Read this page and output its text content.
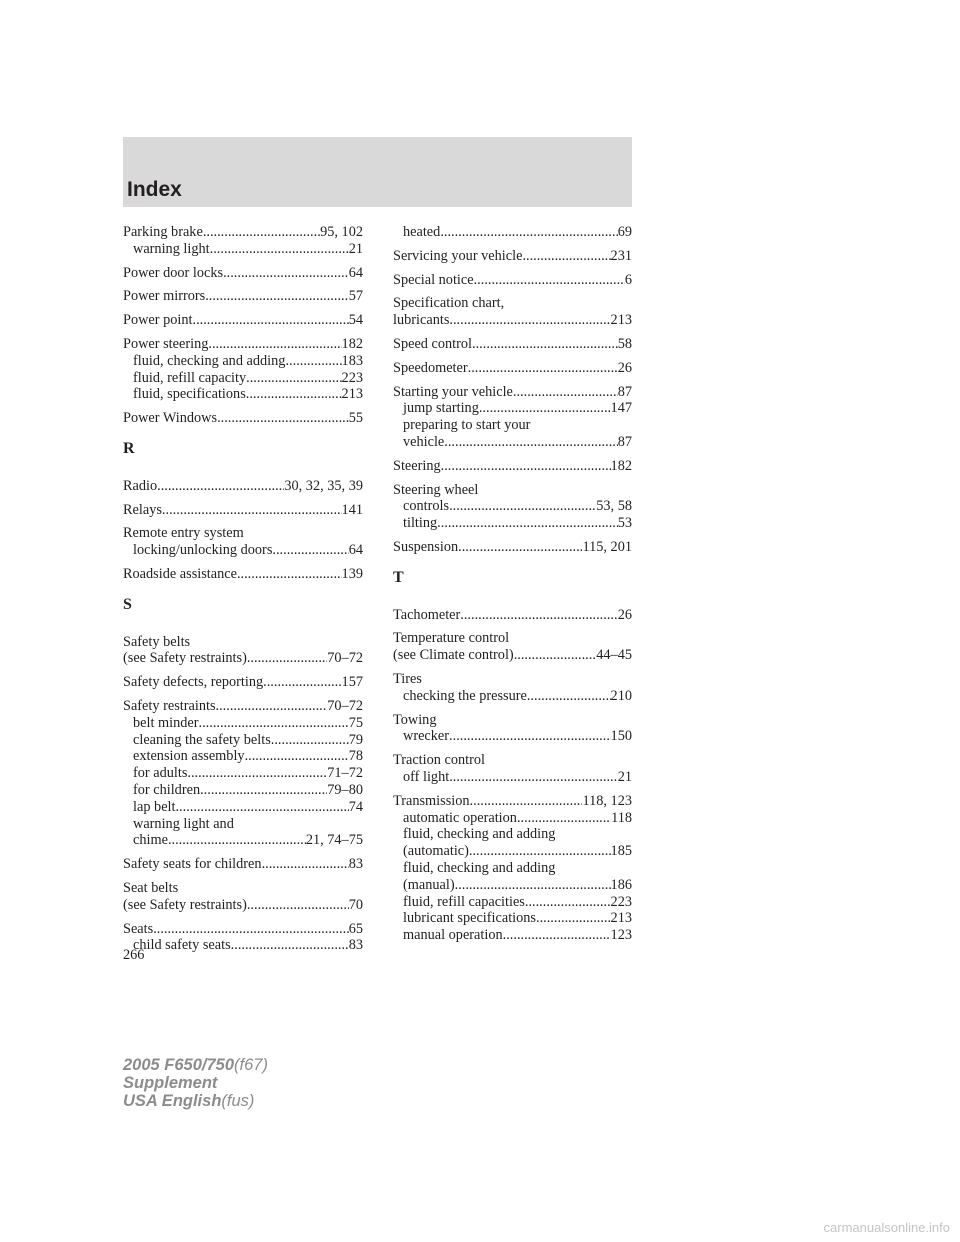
Index
Parking brake .....	95, 102
warning light .....	21
Power door locks .....	64
Power mirrors .....	57
Power point .....	54
Power steering .....	182
fluid, checking and adding .....	183
fluid, refill capacity .....	223
fluid, specifications .....	213
Power Windows .....	55
R
Radio .....	30, 32, 35, 39
Relays .....	141
Remote entry system
locking/unlocking doors .....	64
Roadside assistance .....	139
S
Safety belts
(see Safety restraints) .....	70–72
Safety defects, reporting .....	157
Safety restraints .....	70–72
belt minder .....	75
cleaning the safety belts .....	79
extension assembly .....	78
for adults .....	71–72
for children .....	79–80
lap belt .....	74
warning light and
chime .....	21, 74–75
Safety seats for children .....	83
Seat belts
(see Safety restraints) .....	70
Seats .....	65
child safety seats .....	83
heated .....	69
Servicing your vehicle .....	231
Special notice .....	6
Specification chart,
lubricants .....	213
Speed control .....	58
Speedometer .....	26
Starting your vehicle .....	87
jump starting .....	147
preparing to start your
vehicle .....	87
Steering .....	182
Steering wheel
controls .....	53, 58
tilting .....	53
Suspension .....	115, 201
T
Tachometer .....	26
Temperature control
(see Climate control) .....	44–45
Tires
checking the pressure .....	210
Towing
wrecker .....	150
Traction control
off light .....	21
Transmission .....	118, 123
automatic operation .....	118
fluid, checking and adding
(automatic) .....	185
fluid, checking and adding
(manual) .....	186
fluid, refill capacities .....	223
lubricant specifications .....	213
manual operation .....	123
266
2005 F650/750(f67)
Supplement
USA English(fus)
carmanualsonline.info
